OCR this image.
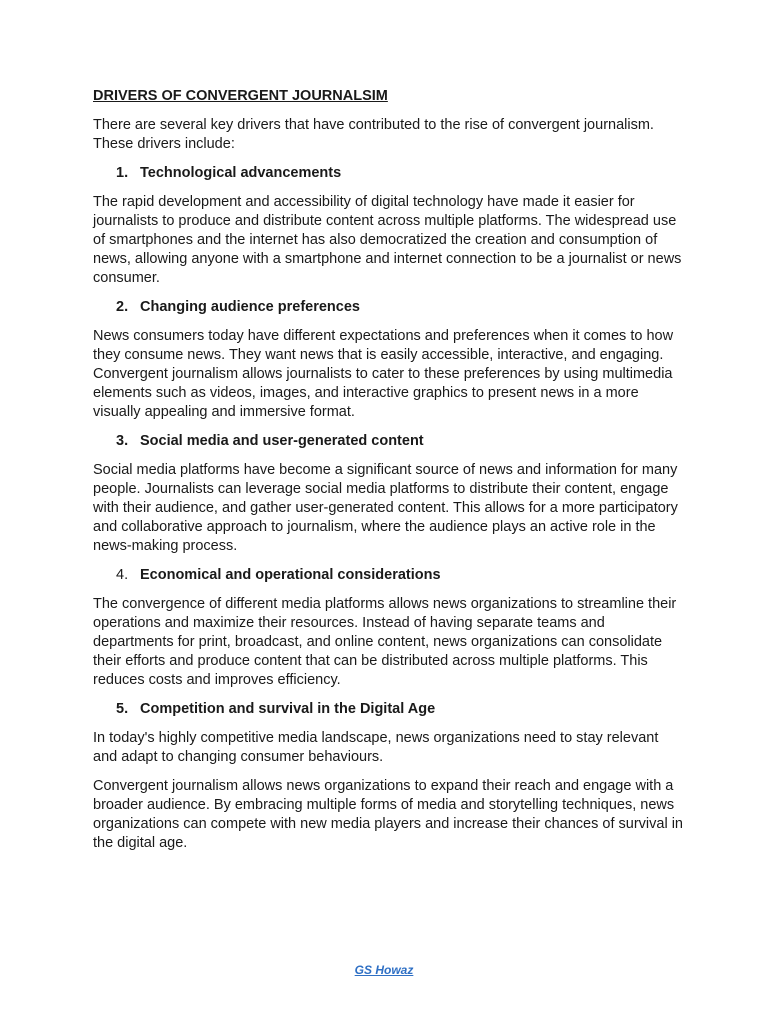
DRIVERS OF CONVERGENT JOURNALSIM

There are several key drivers that have contributed to the rise of convergent journalism. These drivers include:

1. Technological advancements

The rapid development and accessibility of digital technology have made it easier for journalists to produce and distribute content across multiple platforms. The widespread use of smartphones and the internet has also democratized the creation and consumption of news, allowing anyone with a smartphone and internet connection to be a journalist or news consumer.

2. Changing audience preferences

News consumers today have different expectations and preferences when it comes to how they consume news. They want news that is easily accessible, interactive, and engaging. Convergent journalism allows journalists to cater to these preferences by using multimedia elements such as videos, images, and interactive graphics to present news in a more visually appealing and immersive format.

3. Social media and user-generated content

Social media platforms have become a significant source of news and information for many people. Journalists can leverage social media platforms to distribute their content, engage with their audience, and gather user-generated content. This allows for a more participatory and collaborative approach to journalism, where the audience plays an active role in the news-making process.

4. Economical and operational considerations

The convergence of different media platforms allows news organizations to streamline their operations and maximize their resources. Instead of having separate teams and departments for print, broadcast, and online content, news organizations can consolidate their efforts and produce content that can be distributed across multiple platforms. This reduces costs and improves efficiency.

5. Competition and survival in the Digital Age

In today's highly competitive media landscape, news organizations need to stay relevant and adapt to changing consumer behaviours.

Convergent journalism allows news organizations to expand their reach and engage with a broader audience. By embracing multiple forms of media and storytelling techniques, news organizations can compete with new media players and increase their chances of survival in the digital age.

GS Howaz
